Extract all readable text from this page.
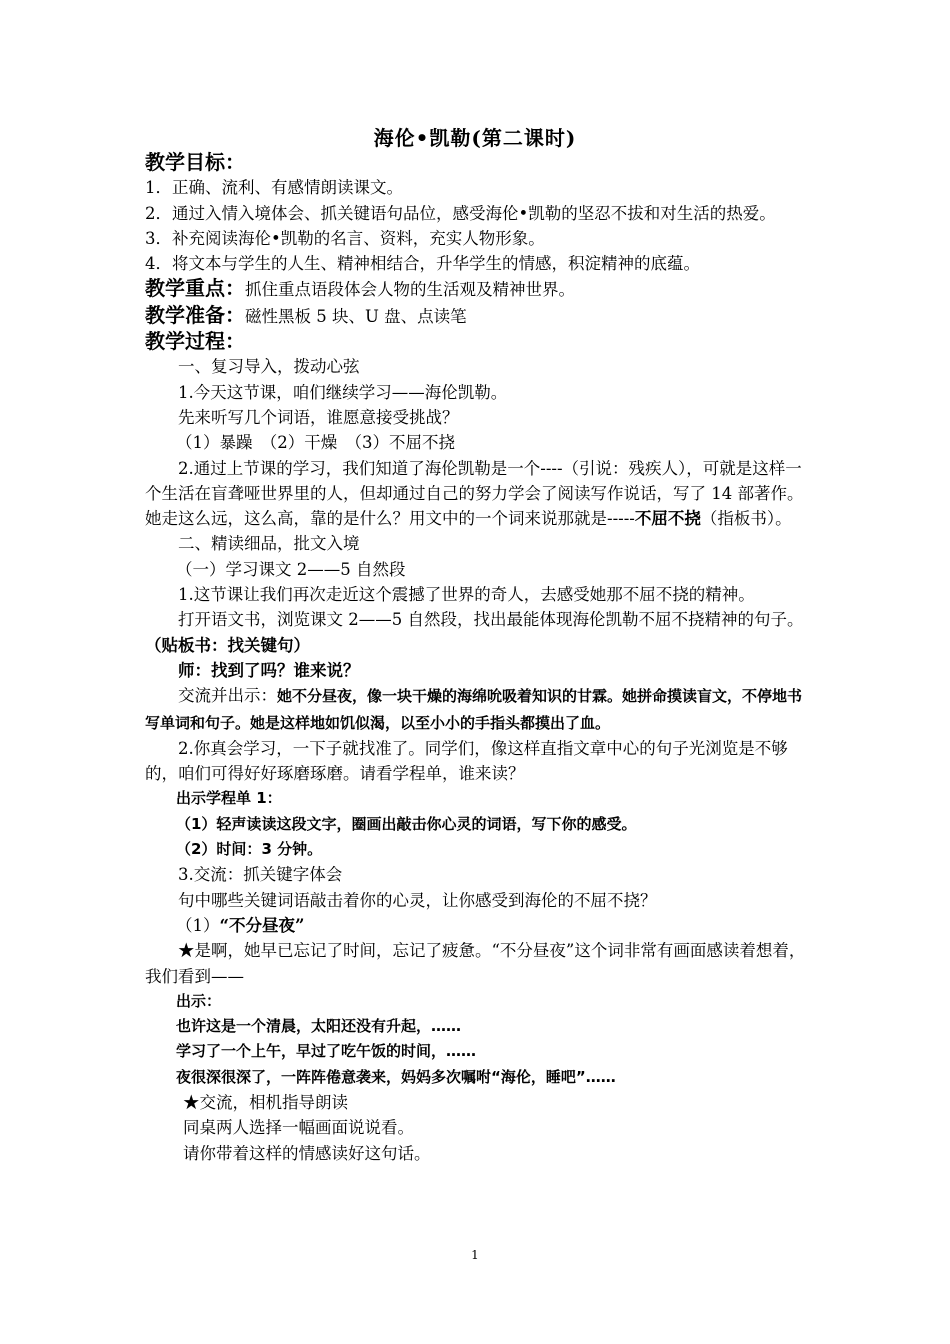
海伦•凯勒(第二课时)

教学目标：

1．正确、流利、有感情朗读课文。

2．通过入情入境体会、抓关键语句品位，感受海伦•凯勒的坚忍不拔和对生活的热爱。

3．补充阅读海伦•凯勒的名言、资料，充实人物形象。

4．将文本与学生的人生、精神相结合，升华学生的情感，积淀精神的底蕴。

教学重点：抓住重点语段体会人物的生活观及精神世界。

教学准备：磁性黑板 5 块、U 盘、点读笔

教学过程：

一、复习导入，拨动心弦

1.今天这节课，咱们继续学习——海伦凯勒。

先来听写几个词语，谁愿意接受挑战？

（1）暴躁　（2）干燥　（3）不屈不挠

2.通过上节课的学习，我们知道了海伦凯勒是一个----（引说：残疾人），可就是这样一个生活在盲聋哑世界里的人，但却通过自己的努力学会了阅读写作说话，写了 14 部著作。她走这么远，这么高，靠的是什么？用文中的一个词来说那就是-----不屈不挠（指板书）。

二、精读细品，批文入境

（一）学习课文 2——5 自然段

1.这节课让我们再次走近这个震撼了世界的奇人，去感受她那不屈不挠的精神。

打开语文书，浏览课文 2——5 自然段，找出最能体现海伦凯勒不屈不挠精神的句子。（贴板书：找关键句）

师：找到了吗？谁来说？

交流并出示：她不分昼夜，像一块干燥的海绵吮吸着知识的甘霖。她拼命摸读盲文，不停地书写单词和句子。她是这样地如饥似渴，以至小小的手指头都摸出了血。

2.你真会学习，一下子就找准了。同学们，像这样直指文章中心的句子光浏览是不够的，咱们可得好好琢磨琢磨。请看学程单，谁来读？

出示学程单 1：

（1）轻声读读这段文字，圈画出敲击你心灵的词语，写下你的感受。

（2）时间：3 分钟。

3.交流：抓关键字体会

句中哪些关键词语敲击着你的心灵，让你感受到海伦的不屈不挠？

（1）“不分昼夜”

★是啊，她早已忘记了时间，忘记了疲惫。“不分昼夜”这个词非常有画面感读着想着，我们看到——

出示：

也许这是一个清晨，太阳还没有升起，……

学习了一个上午，早过了吃午饭的时间，……

夜很深很深了，一阵阵倦意袭来，妈妈多次嘱咐“海伦，睡吧”……

★交流，相机指导朗读

同桌两人选择一幅画面说说看。

请你带着这样的情感读好这句话。

1
